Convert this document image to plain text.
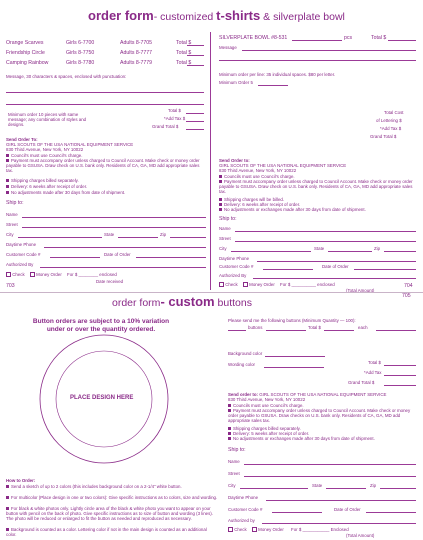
order form- customized t-shirts & silverplate bowl
Orange Scarves	Girls 6-7700	Adults 8-7705	Total $
Friendship Circle	Girls 8-7750	Adults 8-7777	Total $
Camping Rainbow	Girls 8-7780	Adults 8-7779	Total $
Message, 30 characters & spaces, enclosed with punctuation:
Minimum order 10 pieces with same message; any combination of styles and designs.
Total $
*Add Tax $
Grand Total $
SILVERPLATE BOWL #8-531	pcs	Total $
Message
Minimum order per line: 35 individual spaces. $80 per letter.
Minimum Order 5
Total Cost
of Lettering $
*Add Tax $
Grand Total $
Send Order To:
GIRL SCOUTS OF THE USA NATIONAL EQUIPMENT SERVICE
830 Third Avenue, New York, NY 10022
Council's must use Council's charge.
Payment must accompany order unless charged to Council Account. Make check or money order payable to GSUSA. Draw check on U.S. bank only. Residents of CA, GA, MD add appropriate sales tax.
Shipping charges billed separately.
Delivery: 6 weeks after receipt of order.
No adjustments made after 30 days from date of shipment.
Send Order to:
GIRL SCOUTS OF THE USA NATIONAL EQUIPMENT SERVICE
830 Third Avenue, New York, NY 10022
Councils must use Council's charge.
Payment must accompany order unless charged to Council Account. Make check or money order payable to GSUSA. Draw check on U.S. bank only. Residents of CA, GA, MD add appropriate sales tax.
Shipping charges will be billed.
Delivery: 6 weeks after receipt of order.
No adjustments or exchanges made after 30 days from date of shipment.
Ship to:
Name
Street
City	State	Zip
Daytime Phone
Customer Code #	Date of Order
Authorized By
Check	Money Order For $ ________ enclosed
Date received
703
Ship to:
Name
Street
City	State	Zip
Daytime Phone
Customer Code #	Date of Order
Authorized By
Check	Money Order For $ __________ enclosed
(Total Amount)
704
705
order form- custom buttons
Button orders are subject to a 10% variation under or over the quantity ordered.
PLACE DESIGN HERE
Please send me the following buttons (Minimum Quantity — 100):
buttons	Total $	each
Background color
Wording color	Total $
*Add Tax
Grand Total $
Send order to: GIRL SCOUTS OF THE USA NATIONAL EQUIPMENT SERVICE
830 Third Avenue, New York, NY 10022
Councils must use Council's charge.
Payment must accompany order unless charged to Council Account. Make check or money order payable to GSUSA. Draw checks on U.S. bank only. Residents of CA, GA, MD add appropriate sales tax.
Shipping charges billed separately.
Delivery: 5 weeks after receipt of order.
No adjustments or exchanges made after 30 days from date of shipment.
Ship to:
Name
Street
City	State	Zip
Daytime Phone
Customer Code #	Date of Order
Authorized by
Check	Money Order For $ ___________ Enclosed
(Total Amount)
How to Order:
Send a sketch of up to 2 colors (this includes background color on a 2-1/4" white button.
For multicolor (Place design in one or two colors): Give specific instructions as to colors, size and wording.
For black & white photos only. Lightly circle area of the black & white photo you want to appear on your button with pencil on the back of photo. Give specific instructions as to size of button and wording (3 lines). The photo will be reduced or enlarged to fit the button as needed and reproduced as necessary.
Background is counted as a color. Lettering color if not in the main design is counted as an additional color.
